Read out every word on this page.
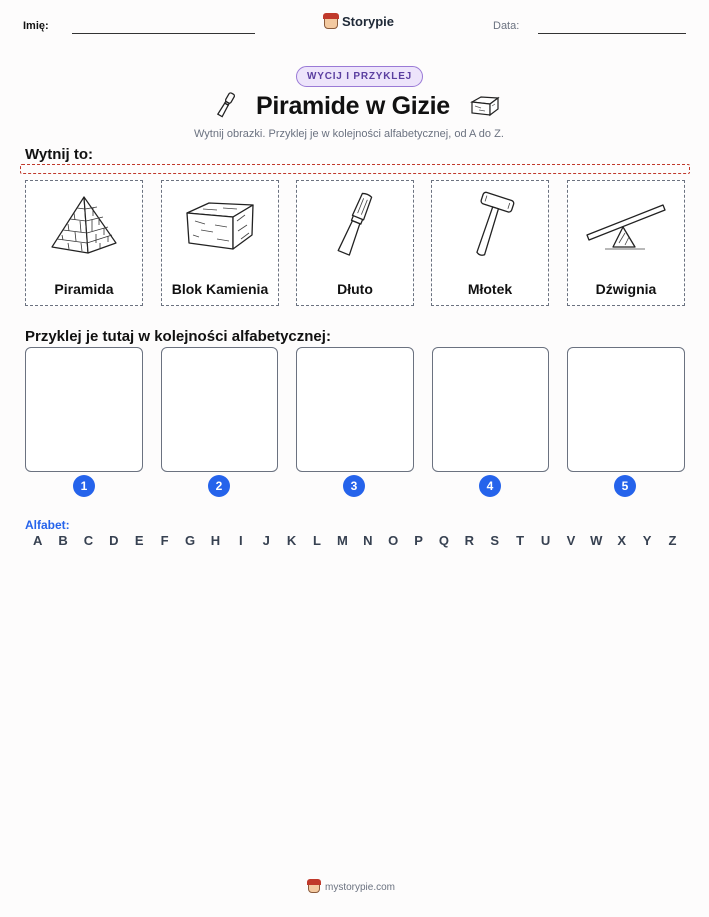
Imię:	Storypie	Data:
WYCIJ I PRZYKLEJ
Piramide w Gizie
Wytnij obrazki. Przyklej je w kolejności alfabetycznej, od A do Z.
Wytnij to:
Piramida	Blok Kamienia	Dłuto	Młotek	Dźwignia
Przyklej je tutaj w kolejności alfabetycznej:
1	2	3	4	5
Alfabet:
A	B	C	D	E	F	G	H	I	J	K	L	M	N	O	P	Q	R	S	T	U	V	W	X	Y	Z
mystorypie.com
